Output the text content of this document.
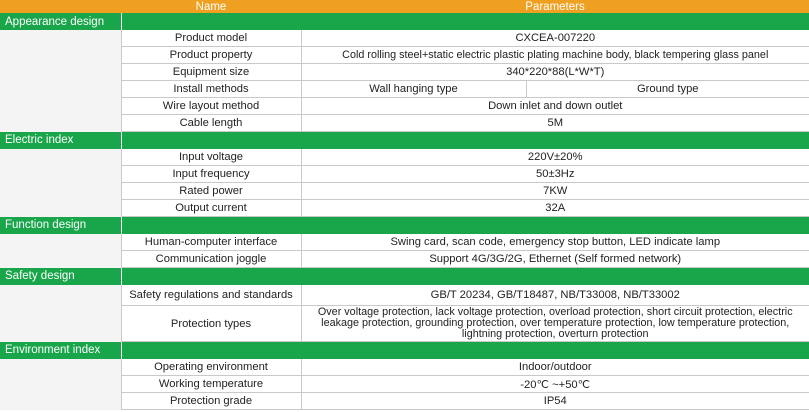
	Name	Parameters	

Appearance design			
	Product model	CXCEA-007220	
	Product property	Cold rolling steel+static electric plastic plating machine body, black tempering glass panel	
	Equipment size	340*220*88(L*W*T)	
	Install methods	Wall hanging type	Ground type
	Wire layout method	Down inlet and down outlet	
	Cable length	5M	
Electric index			
	Input voltage	220V±20%	
	Input frequency	50±3Hz	
	Rated power	7KW	
	Output current	32A	
Function design			
	Human-computer interface	Swing card, scan code, emergency stop button, LED indicate lamp	
	Communication joggle	Support 4G/3G/2G, Ethernet (Self formed network)	
Safety design			
	Safety regulations and standards	GB/T 20234, GB/T18487, NB/T33008, NB/T33002	
	Protection types	Over voltage protection, lack voltage protection, overload protection, short circuit protection, electric leakage protection, grounding protection, over temperature protection, low temperature protection, lightning protection, overturn protection	
Environment index			
	Operating environment	Indoor/outdoor	
	Working temperature	-20℃ ~+50℃	
	Protection grade	IP54	
